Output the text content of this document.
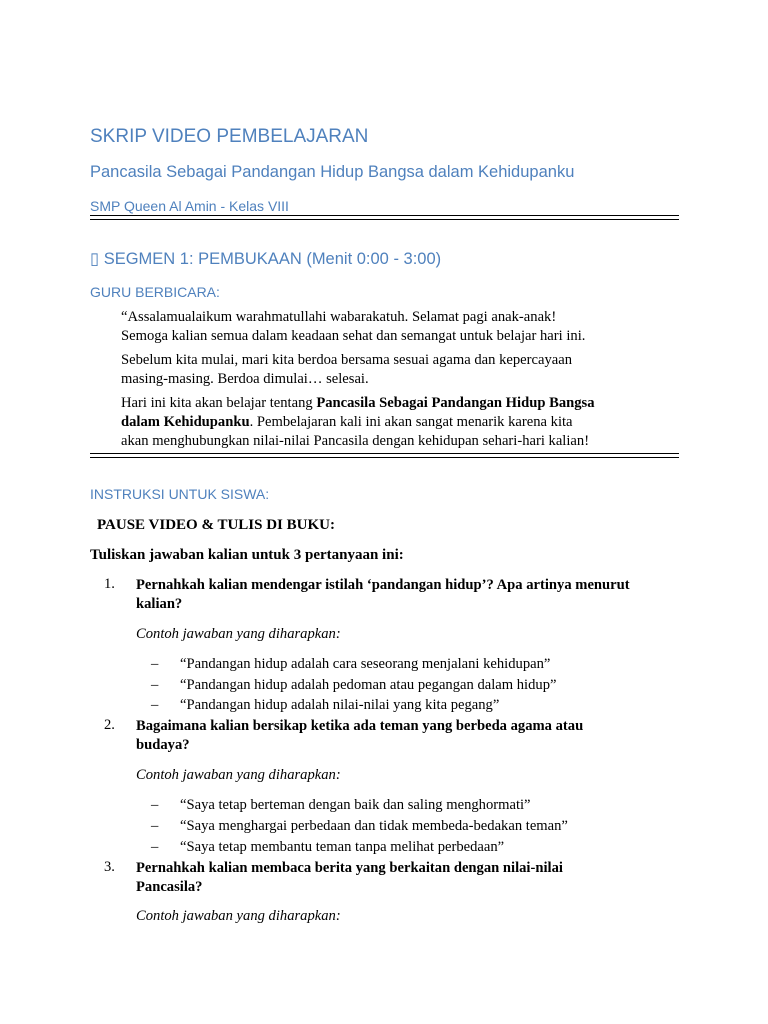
SKRIP VIDEO PEMBELAJARAN
Pancasila Sebagai Pandangan Hidup Bangsa dalam Kehidupanku
SMP Queen Al Amin - Kelas VIII
▯ SEGMEN 1: PEMBUKAAN (Menit 0:00 - 3:00)
GURU BERBICARA:
“Assalamualaikum warahmatullahi wabarakatuh. Selamat pagi anak-anak!
Semoga kalian semua dalam keadaan sehat dan semangat untuk belajar hari ini.
Sebelum kita mulai, mari kita berdoa bersama sesuai agama dan kepercayaan
masing-masing. Berdoa dimulai… selesai.
Hari ini kita akan belajar tentang Pancasila Sebagai Pandangan Hidup Bangsa
dalam Kehidupanku. Pembelajaran kali ini akan sangat menarik karena kita
akan menghubungkan nilai-nilai Pancasila dengan kehidupan sehari-hari kalian!
INSTRUKSI UNTUK SISWA:
PAUSE VIDEO & TULIS DI BUKU:
Tuliskan jawaban kalian untuk 3 pertanyaan ini:
1. Pernahkah kalian mendengar istilah ‘pandangan hidup’? Apa artinya menurut
kalian?
Contoh jawaban yang diharapkan:
– “Pandangan hidup adalah cara seseorang menjalani kehidupan”
– “Pandangan hidup adalah pedoman atau pegangan dalam hidup”
– “Pandangan hidup adalah nilai-nilai yang kita pegang”
2. Bagaimana kalian bersikap ketika ada teman yang berbeda agama atau
budaya?
Contoh jawaban yang diharapkan:
– “Saya tetap berteman dengan baik dan saling menghormati”
– “Saya menghargai perbedaan dan tidak membeda-bedakan teman”
– “Saya tetap membantu teman tanpa melihat perbedaan”
3. Pernahkah kalian membaca berita yang berkaitan dengan nilai-nilai
Pancasila?
Contoh jawaban yang diharapkan:
